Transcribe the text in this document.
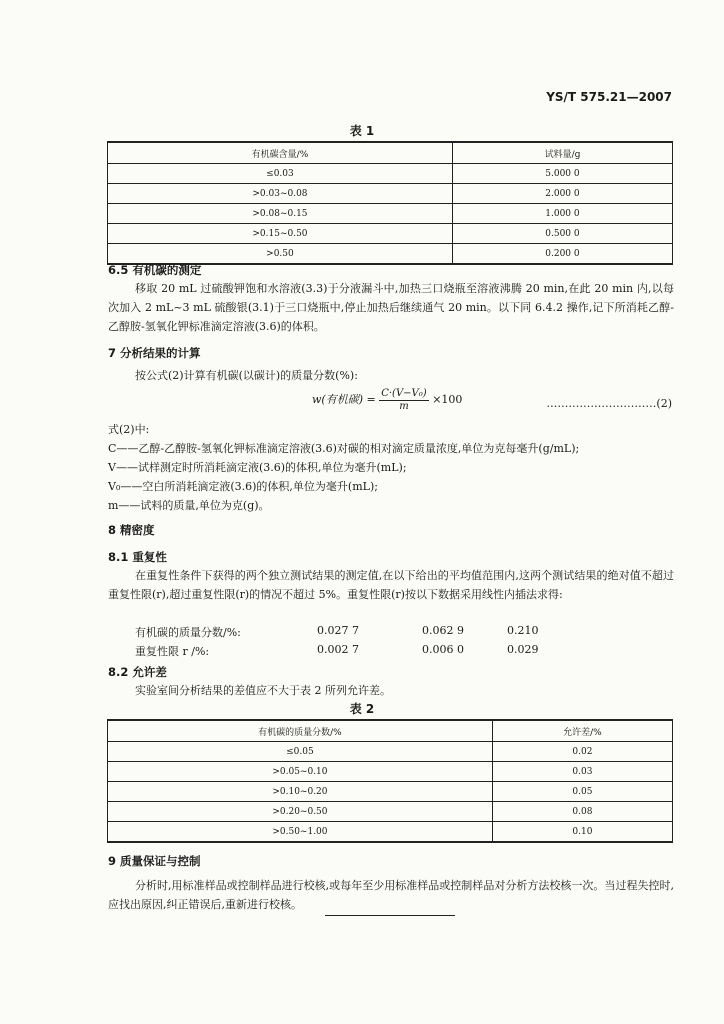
YS/T 575.21—2007
表 1
有机碳含量/%	试料量/g
≤0.03	5.000 0
>0.03~0.08	2.000 0
>0.08~0.15	1.000 0
>0.15~0.50	0.500 0
>0.50	0.200 0
6.5 有机碳的测定
移取 20 mL 过硫酸钾饱和水溶液(3.3)于分液漏斗中,加热三口烧瓶至溶液沸腾 20 min,在此 20 min 内,以每次加入 2 mL~3 mL 硫酸银(3.1)于三口烧瓶中,停止加热后继续通气 20 min。以下同 6.4.2 操作,记下所消耗乙醇-乙醇胺-氢氧化钾标准滴定溶液(3.6)的体积。
7 分析结果的计算
按公式(2)计算有机碳(以碳计)的质量分数(%):
w(有机碳) = $\frac{\text{C·(V−V₀)}}{m} \times 100$	…………………………(2)
式(2)中:
C——乙醇-乙醇胺-氢氧化钾标准滴定溶液(3.6)对碳的相对滴定质量浓度,单位为克每毫升(g/mL);
V——试样测定时所消耗滴定液(3.6)的体积,单位为毫升(mL);
V₀——空白所消耗滴定液(3.6)的体积,单位为毫升(mL);
m——试料的质量,单位为克(g)。
8 精密度
8.1 重复性
在重复性条件下获得的两个独立测试结果的测定值,在以下给出的平均值范围内,这两个测试结果的绝对值不超过重复性限(r),超过重复性限(r)的情况不超过 5%。重复性限(r)按以下数据采用线性内插法求得:
有机碳的质量分数/%:	0.027 7	0.062 9	0.210
重复性限 r /%:	0.002 7	0.006 0	0.029
8.2 允许差
实验室间分析结果的差值应不大于表 2 所列允许差。
表 2
有机碳的质量分数/%	允许差/%
≤0.05	0.02
>0.05~0.10	0.03
>0.10~0.20	0.05
>0.20~0.50	0.08
>0.50~1.00	0.10
9 质量保证与控制
分析时,用标准样品或控制样品进行校核,或每年至少用标准样品或控制样品对分析方法校核一次。当过程失控时,应找出原因,纠正错误后,重新进行校核。
